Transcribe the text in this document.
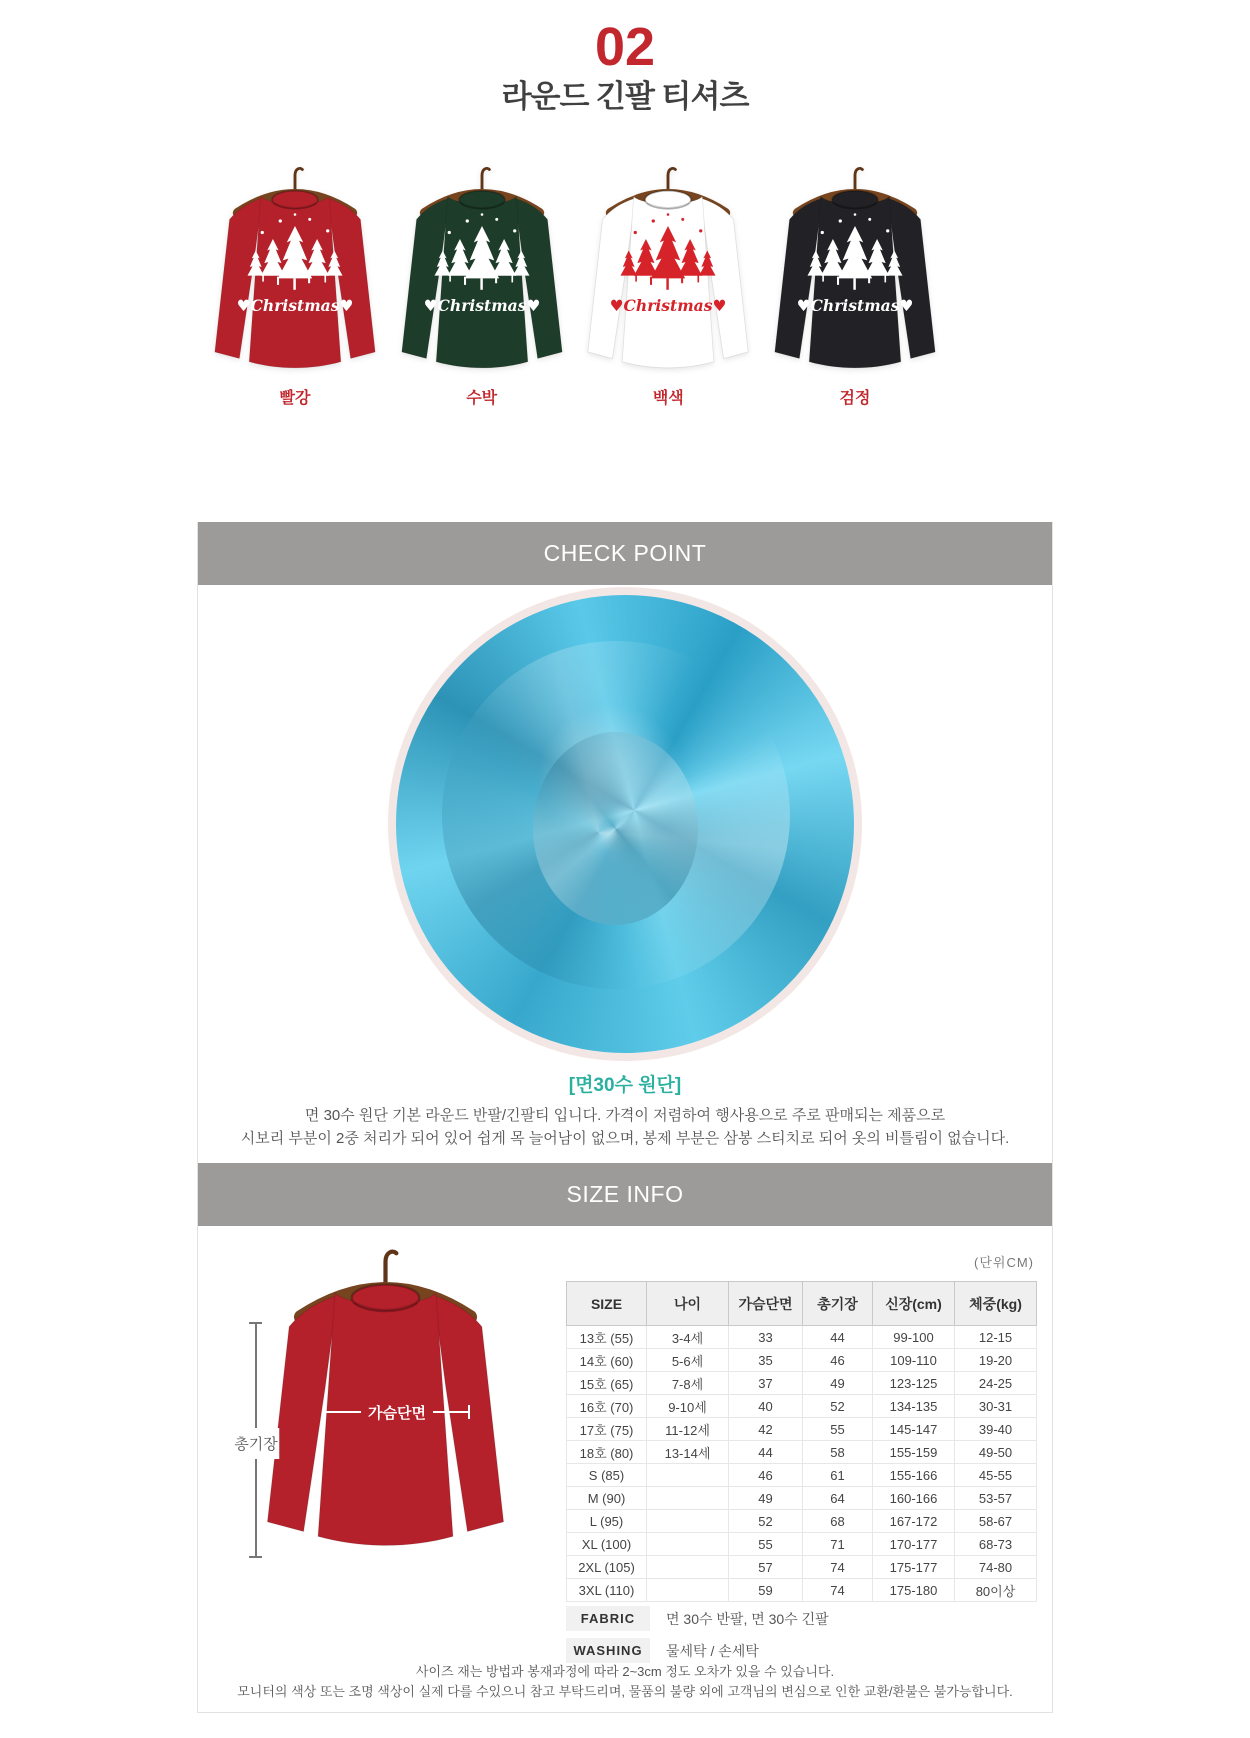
02
라운드 긴팔 티셔츠
♥Christmas♥
빨강
♥Christmas♥
수박
♥Christmas♥
백색
♥Christmas♥
검정
CHECK POINT

[면30수 원단]

면 30수 원단 기본 라운드 반팔/긴팔티 입니다. 가격이 저렴하여 행사용으로 주로 판매되는 제품으로

시보리 부분이 2중 처리가 되어 있어 쉽게 목 늘어남이 없으며, 봉제 부분은 삼봉 스티치로 되어 옷의 비틀림이 없습니다.

SIZE INFO
(단위CM)
총기장
가슴단면
SIZE	나이	가슴단면	총기장	신장(cm)	체중(kg)
13호 (55)	3-4세	33	44	99-100	12-15
14호 (60)	5-6세	35	46	109-110	19-20
15호 (65)	7-8세	37	49	123-125	24-25
16호 (70)	9-10세	40	52	134-135	30-31
17호 (75)	11-12세	42	55	145-147	39-40
18호 (80)	13-14세	44	58	155-159	49-50
S (85)		46	61	155-166	45-55
M (90)		49	64	160-166	53-57
L (95)		52	68	167-172	58-67
XL (100)		55	71	170-177	68-73
2XL (105)		57	74	175-177	74-80
3XL (110)		59	74	175-180	80이상
FABRIC	면 30수 반팔, 면 30수 긴팔
WASHING	물세탁 / 손세탁

사이즈 재는 방법과 봉재과정에 따라 2~3cm 정도 오차가 있을 수 있습니다.

모니터의 색상 또는 조명 색상이 실제 다를 수있으니 참고 부탁드리며, 물품의 불량 외에 고객님의 변심으로 인한 교환/환불은 불가능합니다.
